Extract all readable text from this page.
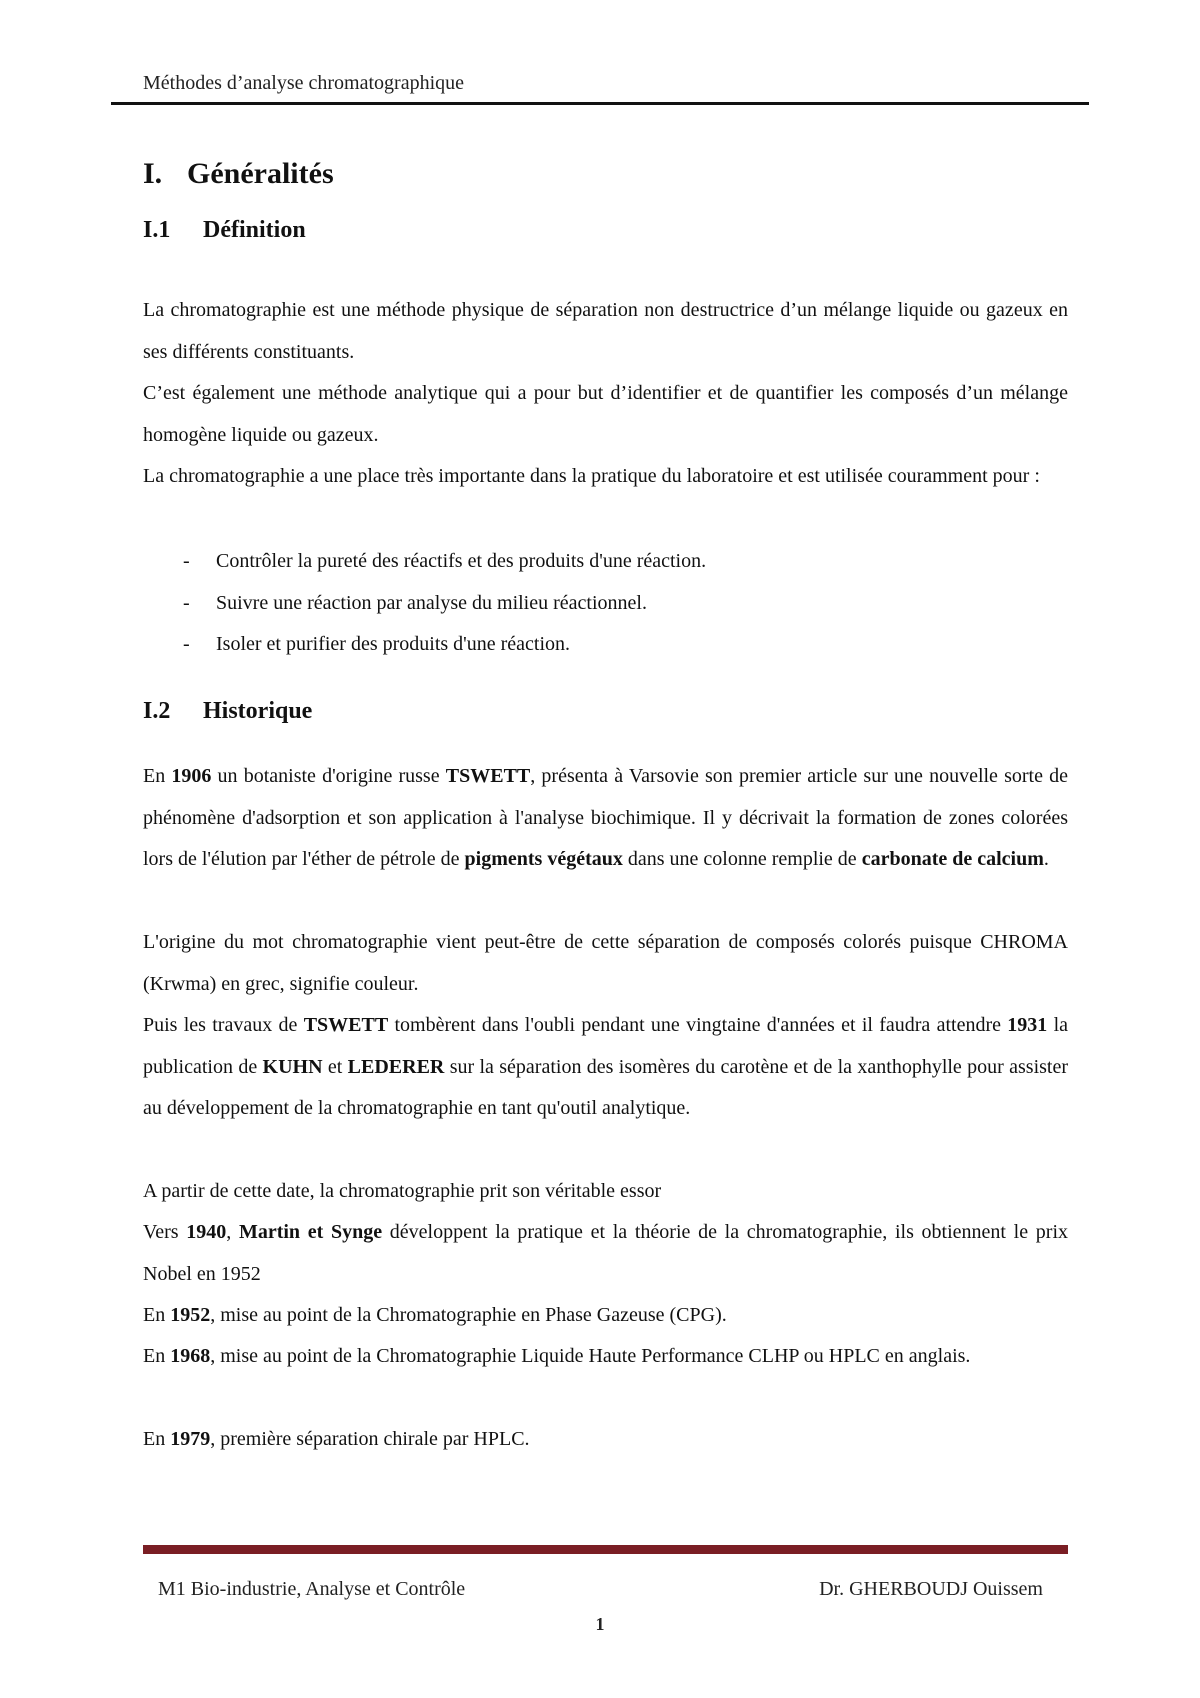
Méthodes d’analyse chromatographique
I. Généralités
I.1 Définition
La chromatographie est une méthode physique de séparation non destructrice d’un mélange liquide ou gazeux en ses différents constituants.
C’est également une méthode analytique qui a pour but d’identifier et de quantifier les composés d’un mélange homogène liquide ou gazeux.
La chromatographie a une place très importante dans la pratique du laboratoire et est utilisée couramment pour :
- Contrôler la pureté des réactifs et des produits d'une réaction.
- Suivre une réaction par analyse du milieu réactionnel.
- Isoler et purifier des produits d'une réaction.
I.2 Historique
En 1906 un botaniste d'origine russe TSWETT, présenta à Varsovie son premier article sur une nouvelle sorte de phénomène d'adsorption et son application à l'analyse biochimique. Il y décrivait la formation de zones colorées lors de l'élution par l'éther de pétrole de pigments végétaux dans une colonne remplie de carbonate de calcium.
L'origine du mot chromatographie vient peut-être de cette séparation de composés colorés puisque CHROMA (Krwma) en grec, signifie couleur.
Puis les travaux de TSWETT tombèrent dans l'oubli pendant une vingtaine d'années et il faudra attendre 1931 la publication de KUHN et LEDERER sur la séparation des isomères du carotène et de la xanthophylle pour assister au développement de la chromatographie en tant qu'outil analytique.
A partir de cette date, la chromatographie prit son véritable essor
Vers 1940, Martin et Synge développent la pratique et la théorie de la chromatographie, ils obtiennent le prix Nobel en 1952
En 1952, mise au point de la Chromatographie en Phase Gazeuse (CPG).
En 1968, mise au point de la Chromatographie Liquide Haute Performance CLHP ou HPLC en anglais.
En 1979, première séparation chirale par HPLC.
M1 Bio-industrie, Analyse et Contrôle	Dr. GHERBOUDJ Ouissem
1
